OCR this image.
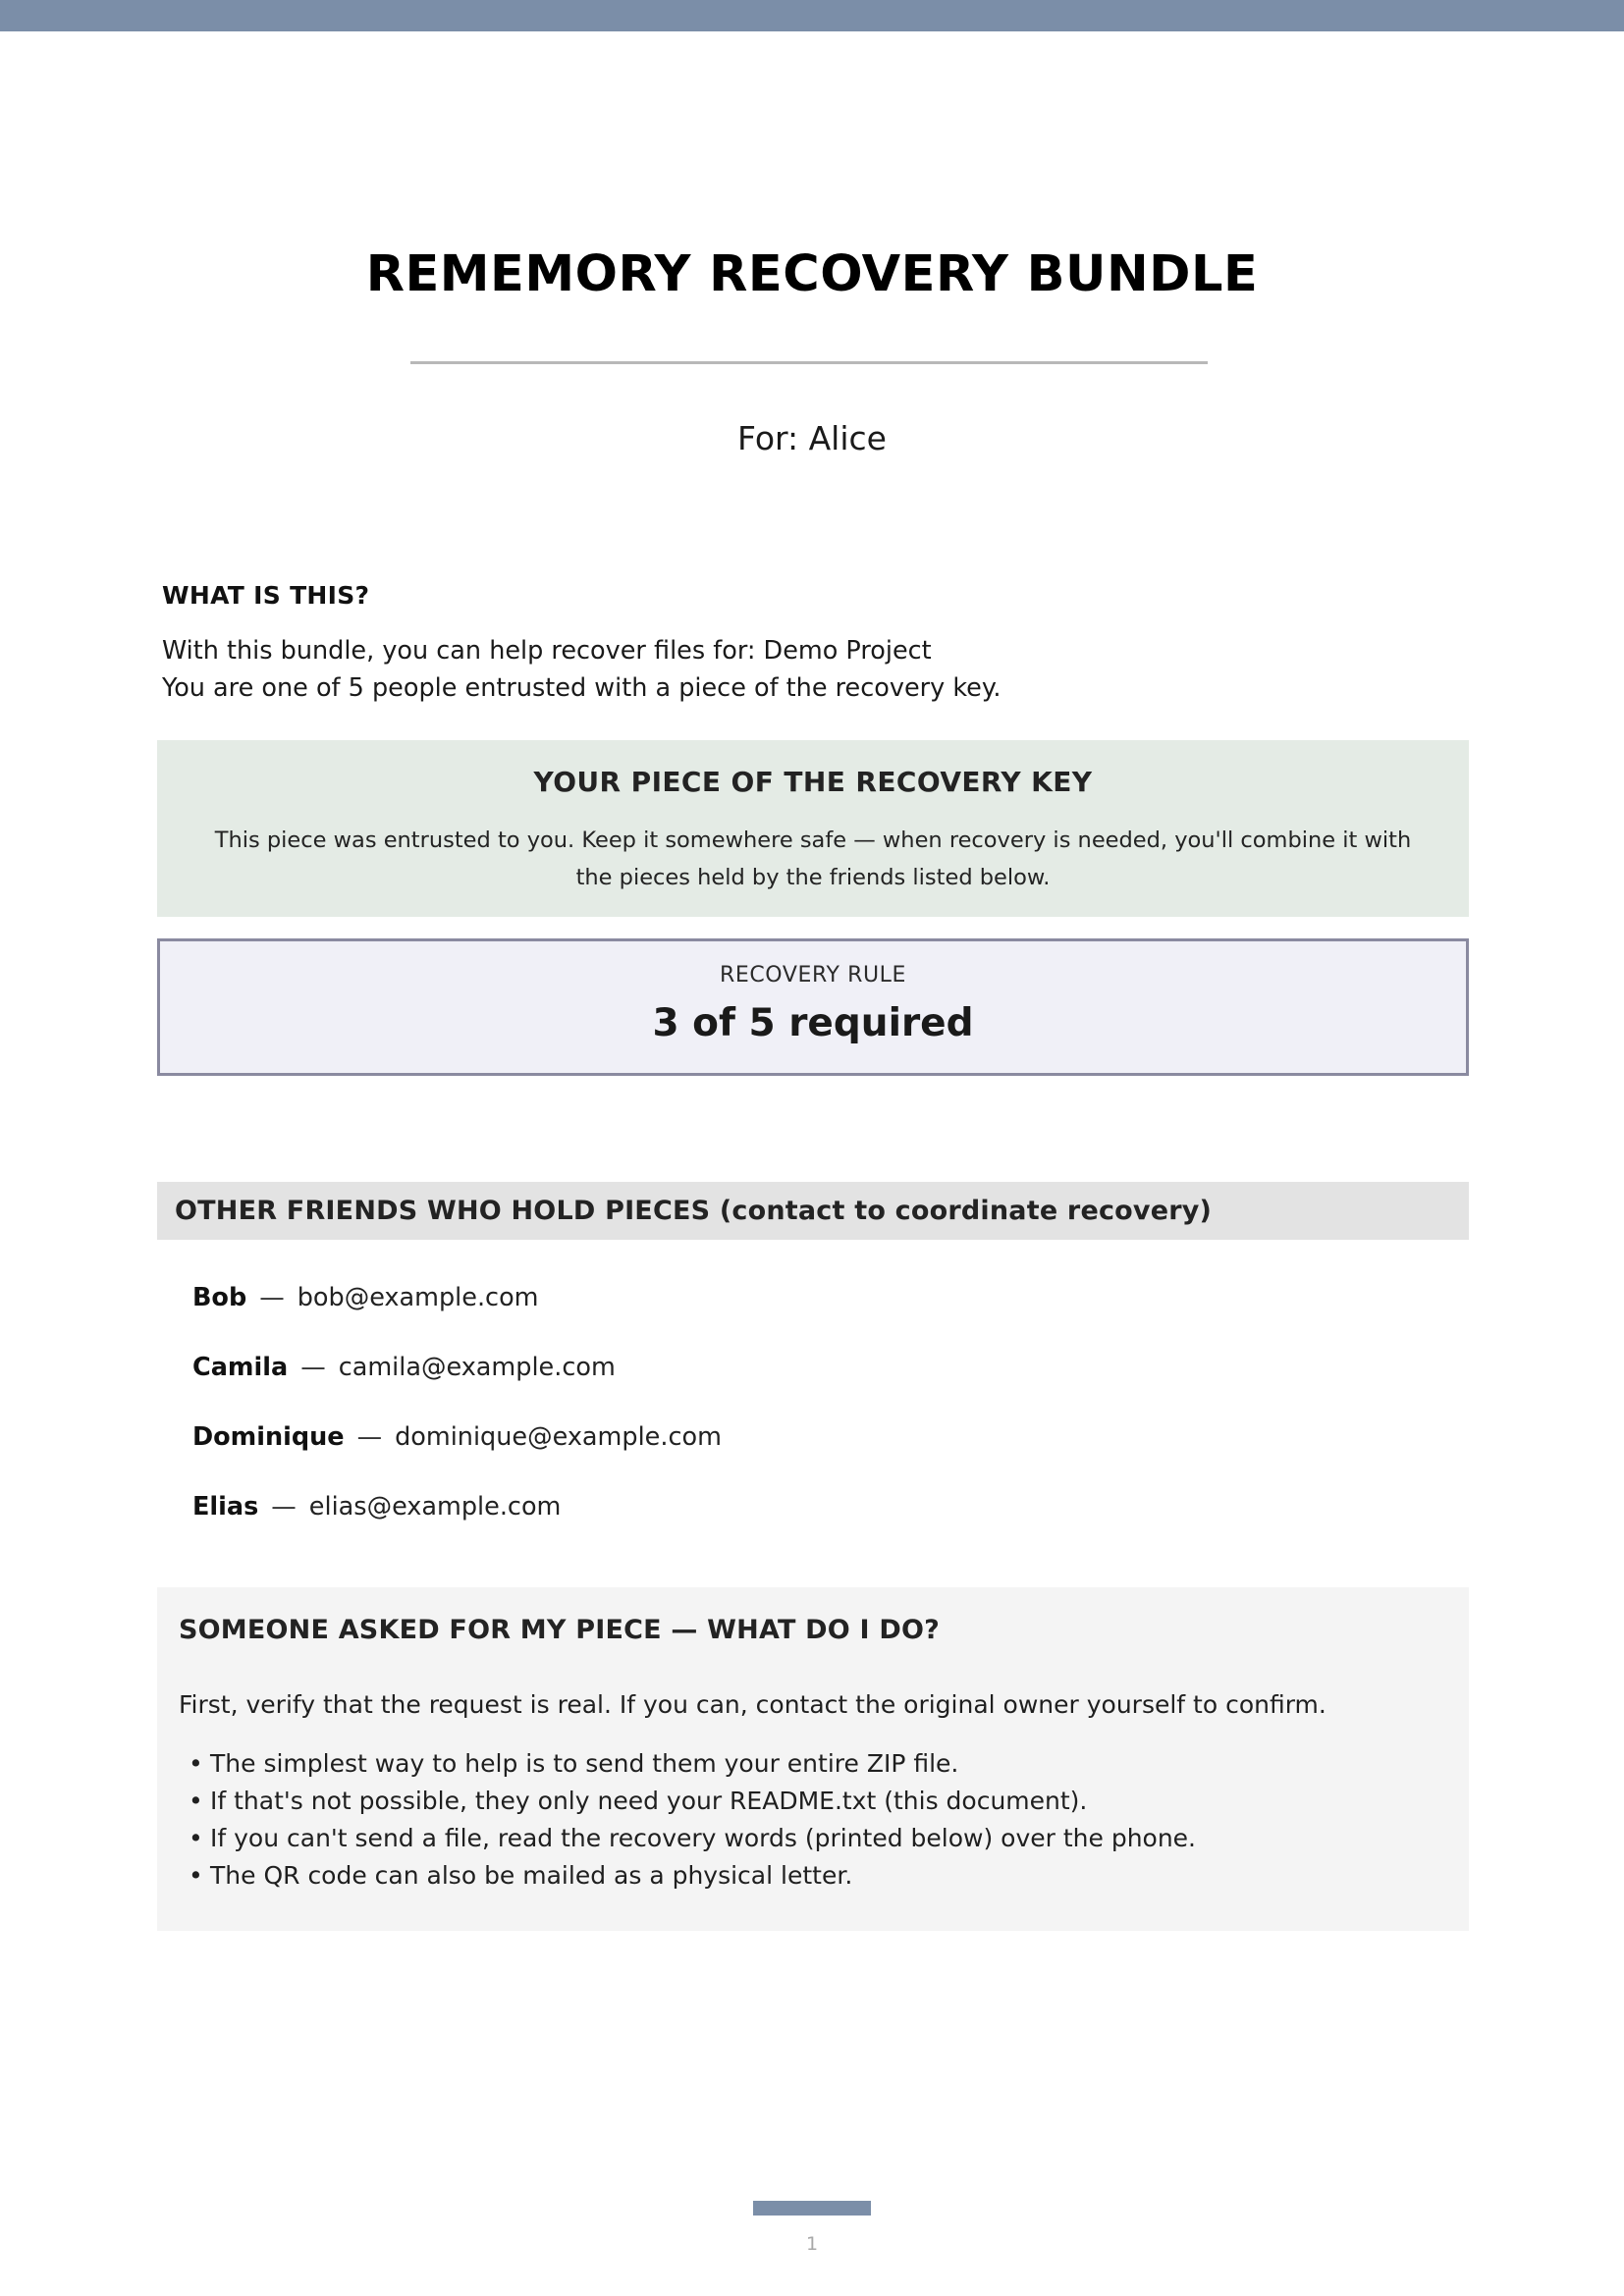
REMEMORY RECOVERY BUNDLE
For: Alice
WHAT IS THIS?
With this bundle, you can help recover files for: Demo Project
You are one of 5 people entrusted with a piece of the recovery key.
YOUR PIECE OF THE RECOVERY KEY
This piece was entrusted to you. Keep it somewhere safe — when recovery is needed, you'll combine it with the pieces held by the friends listed below.
RECOVERY RULE
3 of 5 required
OTHER FRIENDS WHO HOLD PIECES (contact to coordinate recovery)
Bob — bob@example.com
Camila — camila@example.com
Dominique — dominique@example.com
Elias — elias@example.com
SOMEONE ASKED FOR MY PIECE — WHAT DO I DO?
First, verify that the request is real. If you can, contact the original owner yourself to confirm.
• The simplest way to help is to send them your entire ZIP file.
• If that's not possible, they only need your README.txt (this document).
• If you can't send a file, read the recovery words (printed below) over the phone.
• The QR code can also be mailed as a physical letter.
1
